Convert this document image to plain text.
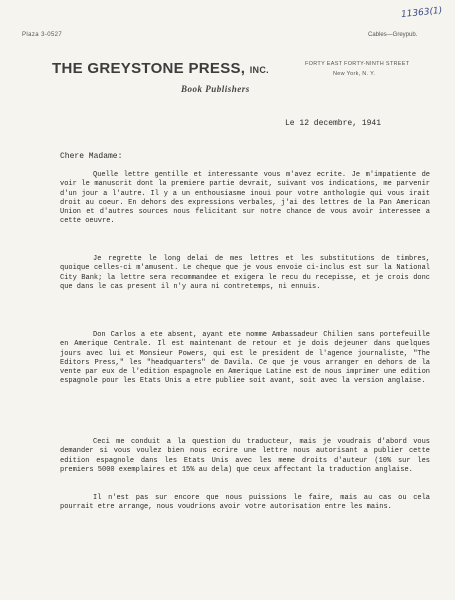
Plaza 3-0527	Cables—Greypub.
11363(1)
THE GREYSTONE PRESS, INC.
FORTY EAST FORTY-NINTH STREET
New York, N. Y.
Book Publishers
Le 12 decembre, 1941
Chere Madame:

Quelle lettre gentille et interessante vous m'avez ecrite. Je m'impatiente de voir le manuscrit dont la premiere partie devrait, suivant vos indications, me parvenir d'un jour a l'autre. Il y a un enthousiasme inoui pour votre anthologie qui vous irait droit au coeur. En dehors des expressions verbales, j'ai des lettres de la Pan American Union et d'autres sources nous felicitant sur notre chance de vous avoir interessee a cette oeuvre.

Je regrette le long delai de mes lettres et les substitutions de timbres, quoique celles-ci m'amusent. Le cheque que je vous envoie ci-inclus est sur la National City Bank; la lettre sera recommandee et exigera le recu du recepisse, et je crois donc que dans le cas present il n'y aura ni contretemps, ni ennuis.

Don Carlos a ete absent, ayant ete nomme Ambassadeur Chilien sans portefeuille en Amerique Centrale. Il est maintenant de retour et je dois dejeuner dans quelques jours avec lui et Monsieur Powers, qui est le president de l'agence journaliste, "The Editors Press," les "headquarters" de Davila. Ce que je vous arranger en dehors de la vente par eux de l'edition espagnole en Amerique Latine est de nous imprimer une edition espagnole pour les Etats Unis a etre publiee soit avant, soit avec la version anglaise.

Ceci me conduit a la question du traducteur, mais je voudrais d'abord vous demander si vous voulez bien nous ecrire une lettre nous autorisant a publier cette edition espagnole dans les Etats Unis avec les meme droits d'auteur (10% sur les premiers 5000 exemplaires et 15% au dela) que ceux affectant la traduction anglaise.

Il n'est pas sur encore que nous puissions le faire, mais au cas ou cela pourrait etre arrange, nous voudrions avoir votre autorisation entre les mains.
